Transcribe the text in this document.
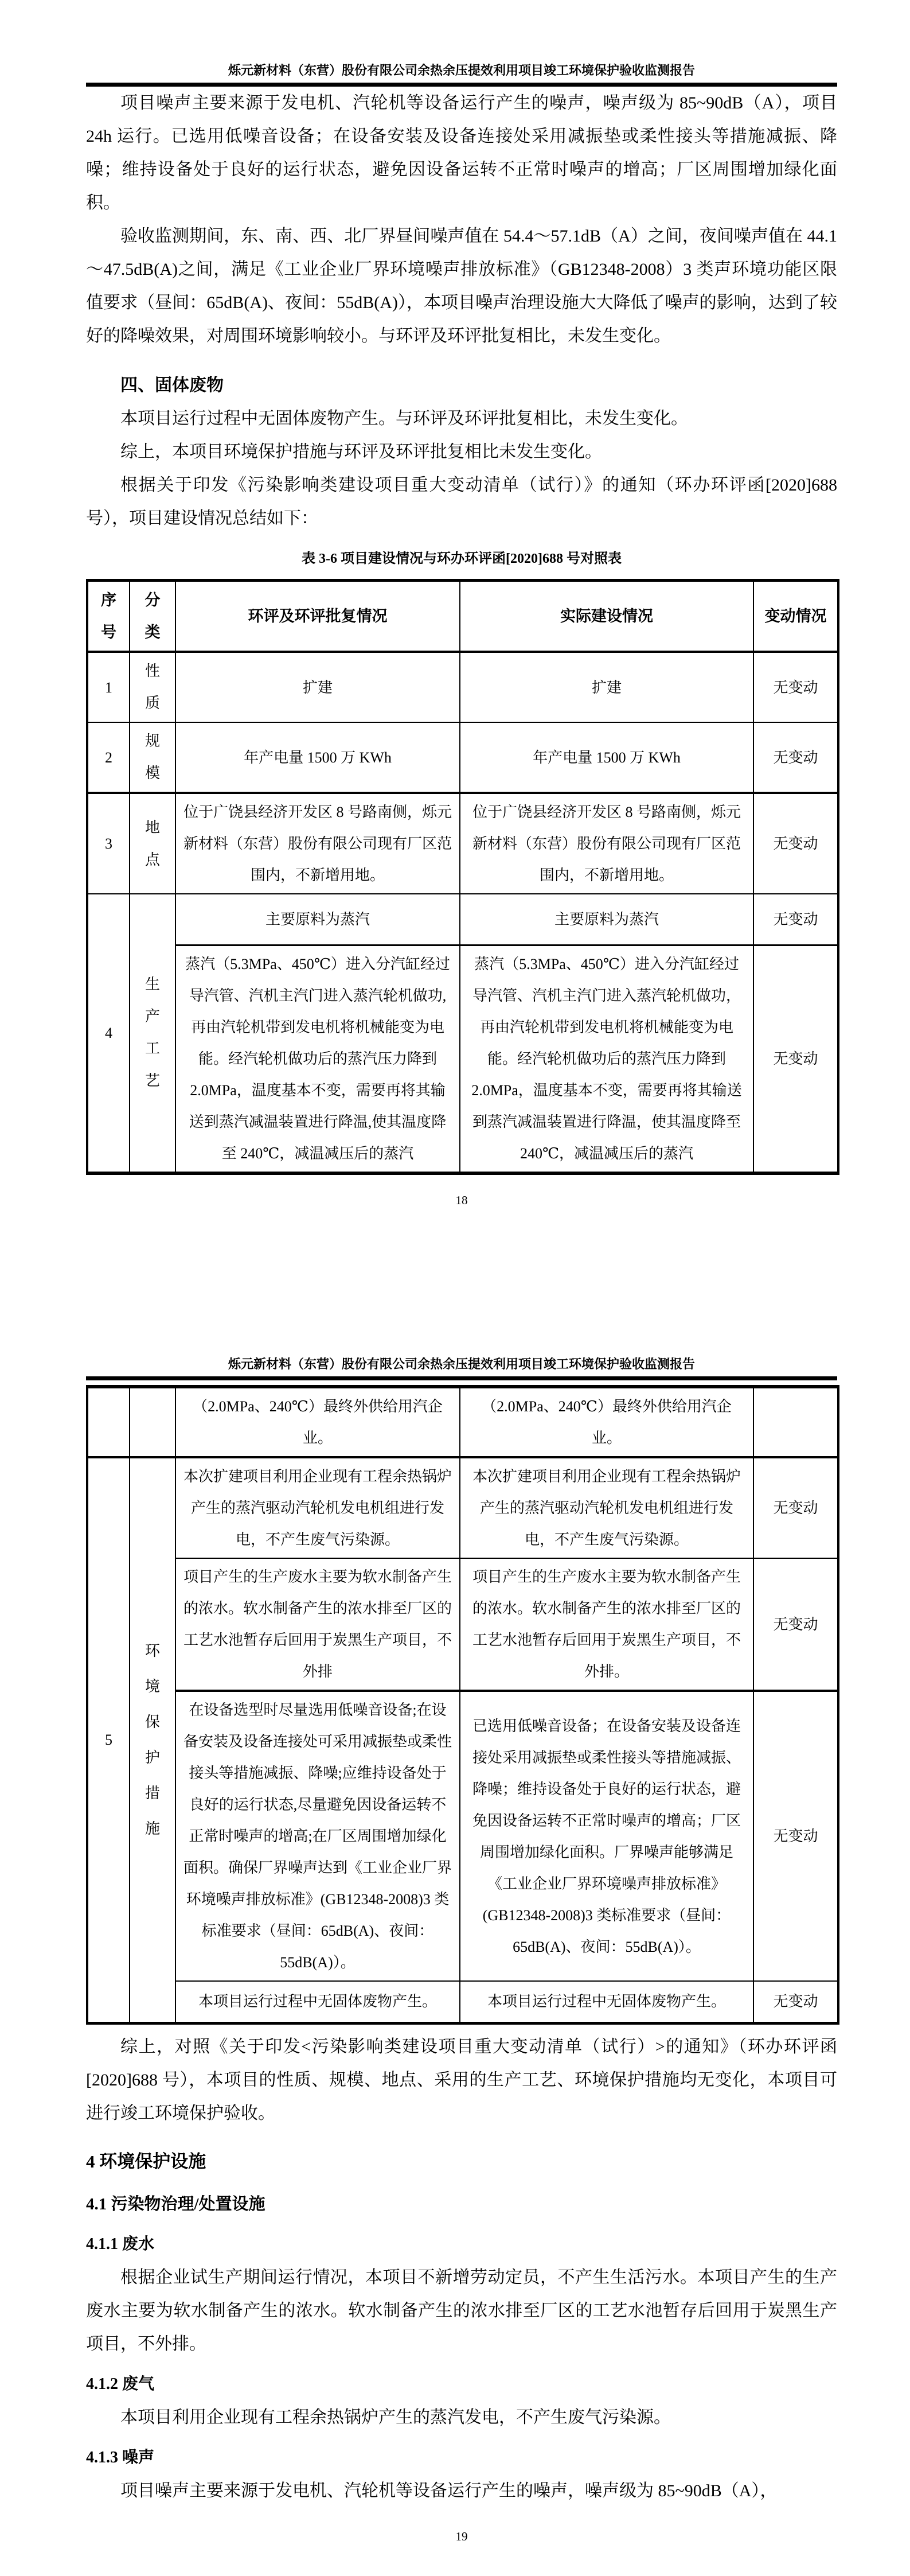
烁元新材料（东营）股份有限公司余热余压提效利用项目竣工环境保护验收监测报告

项目噪声主要来源于发电机、汽轮机等设备运行产生的噪声，噪声级为 85~90dB（A），项目 24h 运行。已选用低噪音设备；在设备安装及设备连接处采用减振垫或柔性接头等措施减振、降噪；维持设备处于良好的运行状态，避免因设备运转不正常时噪声的增高；厂区周围增加绿化面积。

验收监测期间，东、南、西、北厂界昼间噪声值在 54.4～57.1dB（A）之间，夜间噪声值在 44.1～47.5dB(A)之间，满足《工业企业厂界环境噪声排放标准》（GB12348-2008）3 类声环境功能区限值要求（昼间：65dB(A)、夜间：55dB(A)），本项目噪声治理设施大大降低了噪声的影响，达到了较好的降噪效果，对周围环境影响较小。与环评及环评批复相比，未发生变化。

四、固体废物

本项目运行过程中无固体废物产生。与环评及环评批复相比，未发生变化。

综上，本项目环境保护措施与环评及环评批复相比未发生变化。

根据关于印发《污染影响类建设项目重大变动清单（试行）》的通知（环办环评函[2020]688号），项目建设情况总结如下：

表 3-6 项目建设情况与环办环评函[2020]688 号对照表
序号	分类	环评及环评批复情况	实际建设情况	变动情况
1	性质	扩建	扩建	无变动
2	规模	年产电量 1500 万 KWh	年产电量 1500 万 KWh	无变动
3	地点	位于广饶县经济开发区 8 号路南侧，烁元新材料（东营）股份有限公司现有厂区范围内，不新增用地。	位于广饶县经济开发区 8 号路南侧，烁元新材料（东营）股份有限公司现有厂区范围内，不新增用地。	无变动
4	生产工艺	主要原料为蒸汽	主要原料为蒸汽	无变动
		蒸汽（5.3MPa、450℃）进入分汽缸经过导汽管、汽机主汽门进入蒸汽轮机做功,再由汽轮机带到发电机将机械能变为电能。经汽轮机做功后的蒸汽压力降到 2.0MPa，温度基本不变，需要再将其输送到蒸汽减温装置进行降温,使其温度降至 240℃，减温减压后的蒸汽	蒸汽（5.3MPa、450℃）进入分汽缸经过导汽管、汽机主汽门进入蒸汽轮机做功，再由汽轮机带到发电机将机械能变为电能。经汽轮机做功后的蒸汽压力降到 2.0MPa，温度基本不变，需要再将其输送到蒸汽减温装置进行降温，使其温度降至 240℃，减温减压后的蒸汽	无变动
18
烁元新材料（东营）股份有限公司余热余压提效利用项目竣工环境保护验收监测报告
		（2.0MPa、240℃）最终外供给用汽企业。	（2.0MPa、240℃）最终外供给用汽企业。	
5	环境保护措施	本次扩建项目利用企业现有工程余热锅炉产生的蒸汽驱动汽轮机发电机组进行发电，不产生废气污染源。	本次扩建项目利用企业现有工程余热锅炉产生的蒸汽驱动汽轮机发电机组进行发电，不产生废气污染源。	无变动
		项目产生的生产废水主要为软水制备产生的浓水。软水制备产生的浓水排至厂区的工艺水池暂存后回用于炭黑生产项目，不外排	项目产生的生产废水主要为软水制备产生的浓水。软水制备产生的浓水排至厂区的工艺水池暂存后回用于炭黑生产项目，不外排。	无变动
		在设备选型时尽量选用低噪音设备;在设备安装及设备连接处可采用减振垫或柔性接头等措施减振、降噪;应维持设备处于良好的运行状态,尽量避免因设备运转不正常时噪声的增高;在厂区周围增加绿化面积。确保厂界噪声达到《工业企业厂界环境噪声排放标准》(GB12348-2008)3 类标准要求（昼间：65dB(A)、夜间：55dB(A)）。	已选用低噪音设备；在设备安装及设备连接处采用减振垫或柔性接头等措施减振、降噪；维持设备处于良好的运行状态，避免因设备运转不正常时噪声的增高；厂区周围增加绿化面积。厂界噪声能够满足《工业企业厂界环境噪声排放标准》(GB12348-2008)3 类标准要求（昼间：65dB(A)、夜间：55dB(A)）。	无变动
		本项目运行过程中无固体废物产生。	本项目运行过程中无固体废物产生。	无变动

综上，对照《关于印发<污染影响类建设项目重大变动清单（试行）>的通知》（环办环评函[2020]688 号），本项目的性质、规模、地点、采用的生产工艺、环境保护措施均无变化，本项目可进行竣工环境保护验收。

4 环境保护设施
4.1 污染物治理/处置设施
4.1.1 废水

根据企业试生产期间运行情况，本项目不新增劳动定员，不产生生活污水。本项目产生的生产废水主要为软水制备产生的浓水。软水制备产生的浓水排至厂区的工艺水池暂存后回用于炭黑生产项目，不外排。

4.1.2 废气

本项目利用企业现有工程余热锅炉产生的蒸汽发电，不产生废气污染源。

4.1.3 噪声

项目噪声主要来源于发电机、汽轮机等设备运行产生的噪声，噪声级为 85~90dB（A），

19
